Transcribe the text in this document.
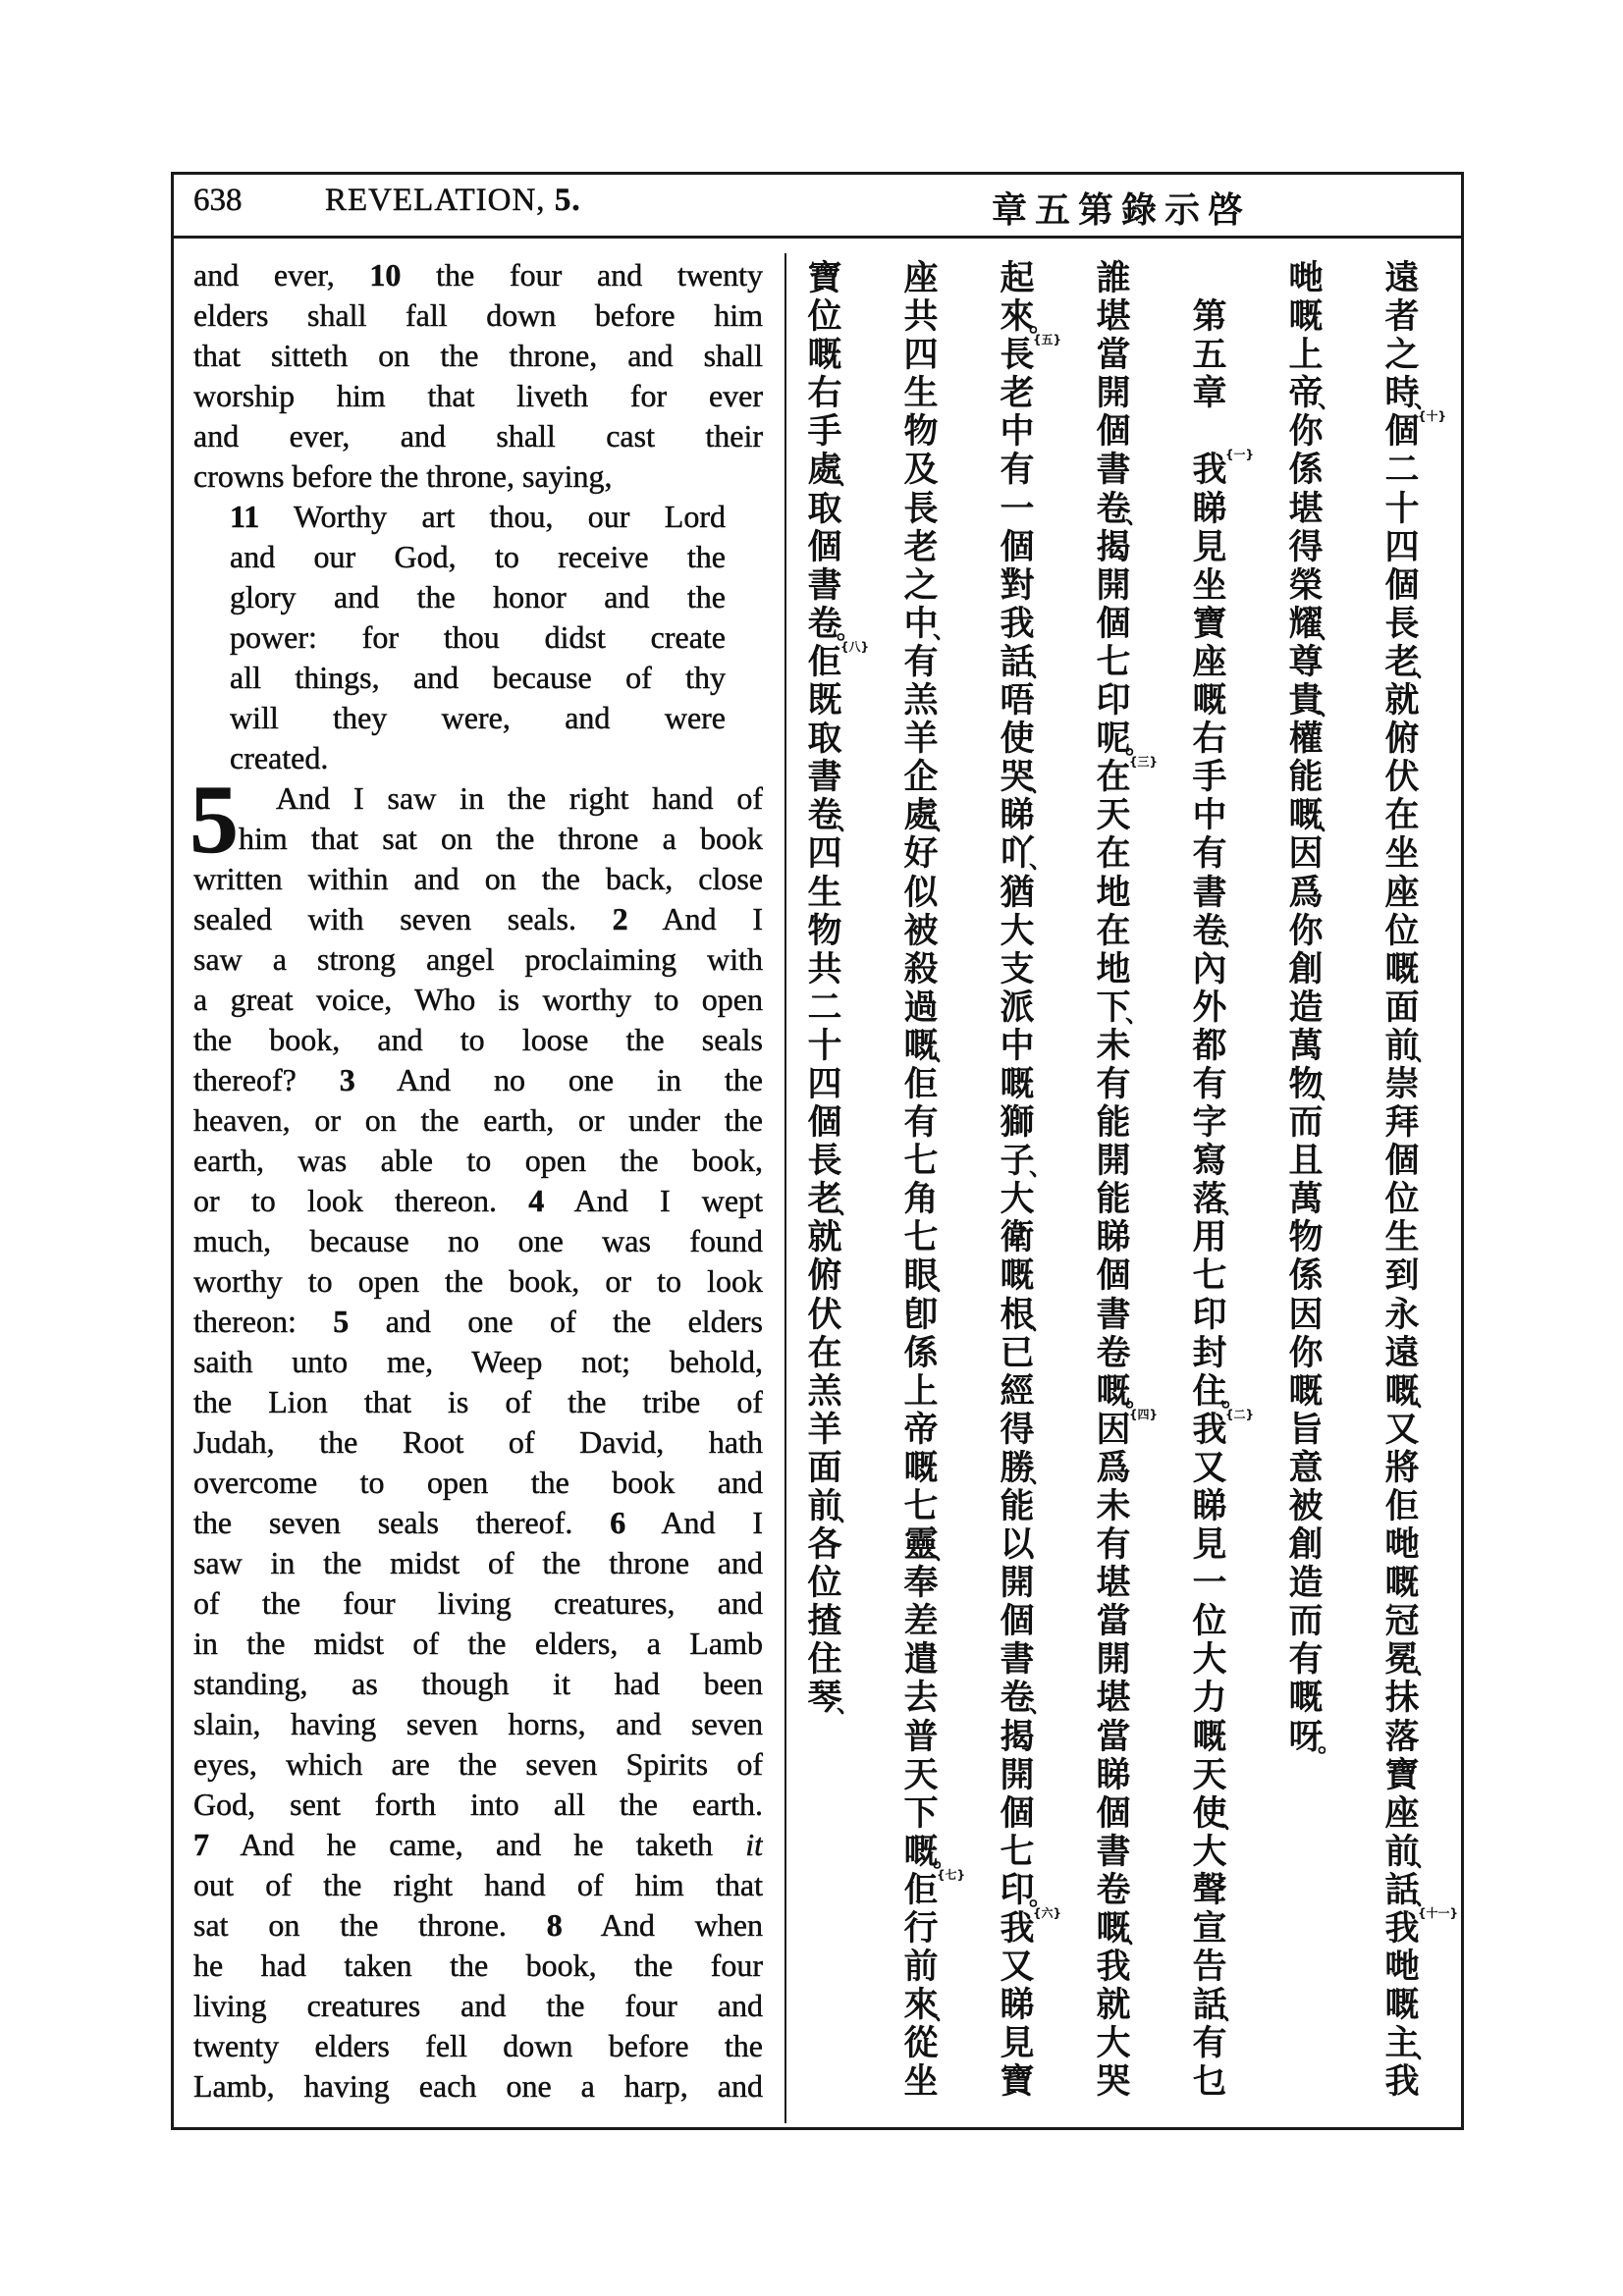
638	REVELATION, 5.	啓示錄第五章
and ever, 10 the four and twenty
elders shall fall down before him
that sitteth on the throne, and shall
worship him that liveth for ever
and ever, and shall cast their
crowns before the throne, saying,
11 Worthy art thou, our Lord
and our God, to receive the
glory and the honor and the
power: for thou didst create
all things, and because of thy
will they were, and were
created.
5	And I saw in the right hand of
him that sat on the throne a book
written within and on the back, close
sealed with seven seals. 2 And I
saw a strong angel proclaiming with
a great voice, Who is worthy to open
the book, and to loose the seals
thereof? 3 And no one in the
heaven, or on the earth, or under the
earth, was able to open the book,
or to look thereon. 4 And I wept
much, because no one was found
worthy to open the book, or to look
thereon: 5 and one of the elders
saith unto me, Weep not; behold,
the Lion that is of the tribe of
Judah, the Root of David, hath
overcome to open the book and
the seven seals thereof. 6 And I
saw in the midst of the throne and
of the four living creatures, and
in the midst of the elders, a Lamb
standing, as though it had been
slain, having seven horns, and seven
eyes, which are the seven Spirits of
God, sent forth into all the earth.
7 And he came, and he taketh it
out of the right hand of him that
sat on the throne. 8 And when
he had taken the book, the four
living creatures and the four and
twenty elders fell down before the
Lamb, having each one a harp, and
遠
者
之
時
、
{十}
個
二
十
四
個
長
老
、
就
俯
伏
在
坐
座
位
嘅
面
前
、
崇
拜
個
位
生
到
永
遠
嘅
、
又
將
佢
哋
嘅
冠
冕
、
抺
落
寶
座
前
、
話
、
{十一}
我
哋
嘅
主
、
我
哋
嘅
上
帝
、
你
係
堪
得
榮
耀
、
尊
貴
、
權
能
嘅
、
因
爲
你
創
造
萬
物
、
而
且
萬
物
係
因
你
嘅
旨
意
被
創
造
而
有
嘅
呀
。
第
五
章
{一}
我
睇
見
坐
寶
座
嘅
右
手
中
有
書
卷
、
內
外
都
有
字
寫
落
、
用
七
印
封
住
。
{二}
我
又
睇
見
一
位
大
力
嘅
天
使
、
大
聲
宣
告
話
、
有
乜
誰
堪
當
開
個
書
卷
、
揭
開
個
七
印
呢
。
{三}
在
天
在
地
在
地
下
、
未
有
能
開
能
睇
個
書
卷
嘅
。
{四}
因
爲
未
有
堪
當
開
堪
當
睇
個
書
卷
嘅
、
我
就
大
哭
起
來
。
{五}
長
老
中
有
一
個
對
我
話
、
唔
使
哭
、
睇
吖
、
猶
大
支
派
中
嘅
獅
子
、
大
衛
嘅
根
、
已
經
得
勝
、
能
以
開
個
書
卷
、
揭
開
個
七
印
。
{六}
我
又
睇
見
寶
座
共
四
生
物
及
長
老
之
中
、
有
羔
羊
企
處
、
好
似
被
殺
過
嘅
、
佢
有
七
角
七
眼
、
卽
係
上
帝
嘅
七
靈
、
奉
差
遣
去
普
天
下
嘅
。
{七}
佢
行
前
來
、
從
坐
寶
位
嘅
右
手
處
、
取
個
書
卷
。
{八}
佢
既
取
書
卷
、
四
生
物
共
二
十
四
個
長
老
、
就
俯
伏
在
羔
羊
面
前
、
各
位
揸
住
琴
、
